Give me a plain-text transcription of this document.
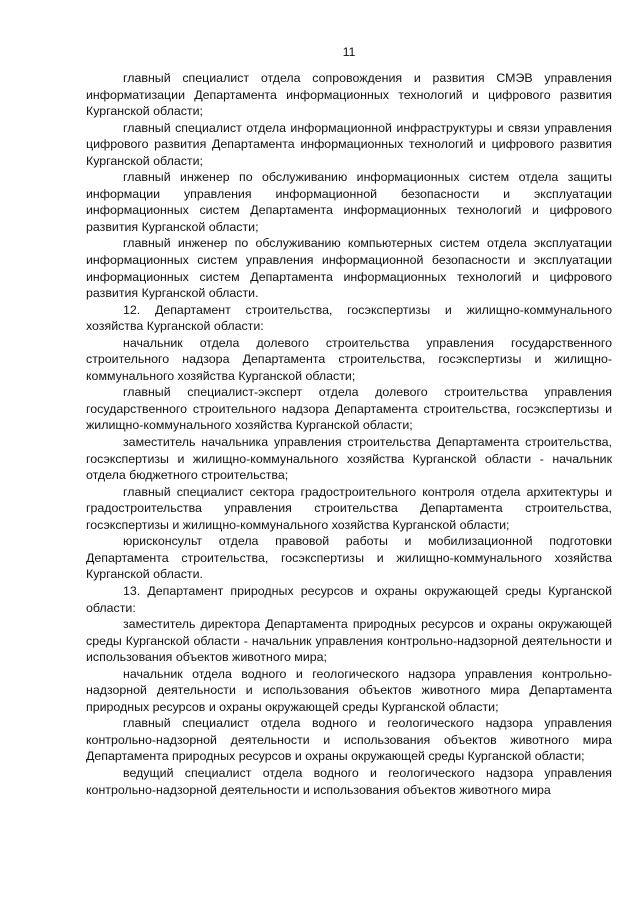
11

главный специалист отдела сопровождения и развития СМЭВ управления информатизации Департамента информационных технологий и цифрового развития Курганской области;

главный специалист отдела информационной инфраструктуры и связи управления цифрового развития Департамента информационных технологий и цифрового развития Курганской области;

главный инженер по обслуживанию информационных систем отдела защиты информации управления информационной безопасности и эксплуатации информационных систем Департамента информационных технологий и цифрового развития Курганской области;

главный инженер по обслуживанию компьютерных систем отдела эксплуатации информационных систем управления информационной безопасности и эксплуатации информационных систем Департамента информационных технологий и цифрового развития Курганской области.

12. Департамент строительства, госэкспертизы и жилищно-коммунального хозяйства Курганской области:

начальник отдела долевого строительства управления государственного строительного надзора Департамента строительства, госэкспертизы и жилищно-коммунального хозяйства Курганской области;

главный специалист-эксперт отдела долевого строительства управления государственного строительного надзора Департамента строительства, госэкспертизы и жилищно-коммунального хозяйства Курганской области;

заместитель начальника управления строительства Департамента строительства, госэкспертизы и жилищно-коммунального хозяйства Курганской области - начальник отдела бюджетного строительства;

главный специалист сектора градостроительного контроля отдела архитектуры и градостроительства управления строительства Департамента строительства, госэкспертизы и жилищно-коммунального хозяйства Курганской области;

юрисконсульт отдела правовой работы и мобилизационной подготовки Департамента строительства, госэкспертизы и жилищно-коммунального хозяйства Курганской области.

13. Департамент природных ресурсов и охраны окружающей среды Курганской области:

заместитель директора Департамента природных ресурсов и охраны окружающей среды Курганской области - начальник управления контрольно-надзорной деятельности и использования объектов животного мира;

начальник отдела водного и геологического надзора управления контрольно-надзорной деятельности и использования объектов животного мира Департамента природных ресурсов и охраны окружающей среды Курганской области;

главный специалист отдела водного и геологического надзора управления контрольно-надзорной деятельности и использования объектов животного мира Департамента природных ресурсов и охраны окружающей среды Курганской области;

ведущий специалист отдела водного и геологического надзора управления контрольно-надзорной деятельности и использования объектов животного мира
